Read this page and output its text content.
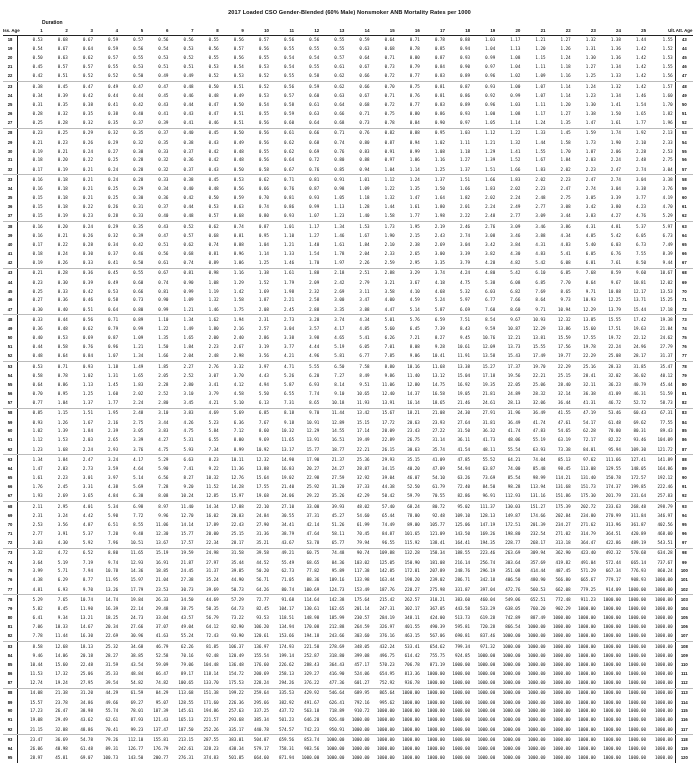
2017 Loaded CSO Gender-Blended (60% Male) Nonsmoker ANB Mortality Rates per 1000
Duration
Iss. Age	1	2	3	4	5	6	7	8	9	10	11	12	13	14	15	16	17	18	19	20	21	22	23	24	25	Ult.	Att. Age
18	0.53	0.68	0.67	0.59	0.57	0.56	0.56	0.55	0.56	0.57	0.56	0.56	0.55	0.59	0.64	0.71	0.78	0.88	1.03	1.17	1.21	1.27	1.32	1.38	1.44	1.55	43
19	0.54	0.67	0.64	0.59	0.56	0.54	0.53	0.56	0.57	0.56	0.55	0.55	0.55	0.63	0.68	0.78	0.85	0.94	1.04	1.13	1.20	1.26	1.31	1.36	1.42	1.52	44
20	0.50	0.63	0.62	0.57	0.55	0.53	0.52	0.55	0.56	0.55	0.54	0.54	0.57	0.64	0.71	0.80	0.87	0.93	0.99	1.08	1.15	1.24	1.30	1.36	1.42	1.53	45
21	0.45	0.57	0.57	0.55	0.53	0.51	0.51	0.53	0.54	0.53	0.54	0.55	0.61	0.67	0.73	0.79	0.84	0.90	0.97	1.04	1.11	1.18	1.27	1.34	1.42	1.55	46
22	0.42	0.51	0.52	0.52	0.50	0.49	0.49	0.52	0.53	0.52	0.55	0.58	0.62	0.66	0.72	0.77	0.83	0.89	0.96	1.02	1.09	1.16	1.25	1.33	1.42	1.56	47
23	0.38	0.45	0.47	0.49	0.47	0.47	0.48	0.50	0.51	0.52	0.56	0.59	0.62	0.66	0.70	0.75	0.81	0.87	0.93	1.00	1.07	1.14	1.24	1.32	1.42	1.57	48
24	0.34	0.39	0.42	0.44	0.44	0.45	0.46	0.48	0.49	0.53	0.57	0.60	0.63	0.67	0.71	0.76	0.81	0.86	0.92	0.99	1.07	1.14	1.23	1.34	1.46	1.60	49
25	0.31	0.35	0.38	0.41	0.42	0.43	0.44	0.47	0.50	0.54	0.58	0.61	0.64	0.68	0.72	0.77	0.83	0.89	0.96	1.03	1.11	1.20	1.30	1.41	1.54	1.70	50
26	0.28	0.32	0.35	0.38	0.40	0.41	0.43	0.47	0.51	0.55	0.59	0.63	0.66	0.71	0.75	0.80	0.86	0.93	1.00	1.08	1.17	1.27	1.38	1.50	1.65	1.82	51
27	0.25	0.28	0.32	0.35	0.37	0.39	0.41	0.46	0.51	0.56	0.60	0.64	0.68	0.73	0.78	0.84	0.90	0.97	1.05	1.14	1.24	1.35	1.47	1.61	1.77	1.96	52
28	0.23	0.25	0.29	0.32	0.35	0.37	0.40	0.45	0.50	0.56	0.61	0.66	0.71	0.76	0.82	0.88	0.95	1.03	1.12	1.22	1.33	1.45	1.59	1.74	1.92	2.13	53
29	0.21	0.23	0.26	0.29	0.32	0.35	0.38	0.43	0.49	0.56	0.62	0.68	0.74	0.80	0.87	0.94	1.02	1.11	1.21	1.32	1.44	1.58	1.73	1.90	2.10	2.33	54
30	0.19	0.21	0.24	0.27	0.30	0.33	0.37	0.42	0.48	0.55	0.62	0.69	0.76	0.83	0.91	0.99	1.08	1.18	1.29	1.41	1.55	1.70	1.87	2.06	2.28	2.53	55
31	0.18	0.20	0.22	0.25	0.28	0.32	0.36	0.42	0.48	0.56	0.64	0.72	0.80	0.88	0.97	1.06	1.16	1.27	1.39	1.52	1.67	1.84	2.03	2.24	2.48	2.75	56
32	0.17	0.19	0.21	0.24	0.28	0.32	0.37	0.43	0.50	0.58	0.67	0.76	0.85	0.94	1.04	1.14	1.25	1.37	1.51	1.66	1.83	2.02	2.23	2.47	2.74	3.04	57
33	0.16	0.18	0.21	0.24	0.28	0.33	0.38	0.45	0.53	0.62	0.71	0.81	0.91	1.01	1.12	1.24	1.37	1.51	1.66	1.83	2.02	2.23	2.47	2.74	3.04	3.38	58
34	0.16	0.18	0.21	0.25	0.29	0.34	0.40	0.48	0.56	0.66	0.76	0.87	0.98	1.09	1.22	1.35	1.50	1.66	1.83	2.02	2.23	2.47	2.74	3.04	3.38	3.76	59
35	0.15	0.18	0.21	0.25	0.30	0.36	0.42	0.50	0.59	0.70	0.81	0.93	1.05	1.18	1.32	1.47	1.64	1.82	2.02	2.24	2.48	2.75	3.05	3.39	3.77	4.19	60
36	0.15	0.18	0.22	0.26	0.31	0.37	0.44	0.53	0.63	0.74	0.86	0.99	1.13	1.28	1.44	1.61	1.80	2.01	2.24	2.49	2.77	3.08	3.42	3.80	4.23	4.70	61
37	0.15	0.19	0.23	0.28	0.33	0.40	0.48	0.57	0.68	0.80	0.93	1.07	1.23	1.40	1.58	1.77	1.98	2.22	2.48	2.77	3.09	3.44	3.83	4.27	4.76	5.29	62
38	0.16	0.20	0.24	0.29	0.35	0.43	0.52	0.62	0.74	0.87	1.01	1.17	1.34	1.53	1.73	1.95	2.19	2.46	2.76	3.09	3.46	3.86	4.31	4.81	5.37	5.97	63
39	0.16	0.21	0.26	0.32	0.39	0.47	0.57	0.68	0.81	0.95	1.10	1.27	1.46	1.67	1.90	2.15	2.43	2.74	3.08	3.46	3.88	4.34	4.85	5.42	6.05	6.73	64
40	0.17	0.22	0.28	0.34	0.42	0.51	0.62	0.74	0.88	1.04	1.21	1.40	1.61	1.84	2.10	2.38	2.69	3.04	3.42	3.84	4.31	4.83	5.40	6.03	6.73	7.49	65
41	0.18	0.24	0.30	0.37	0.46	0.56	0.68	0.81	0.96	1.14	1.33	1.54	1.78	2.04	2.33	2.65	3.00	3.39	3.82	4.30	4.83	5.41	6.05	6.76	7.55	8.39	66
42	0.19	0.26	0.33	0.41	0.50	0.61	0.74	0.89	1.06	1.25	1.46	1.70	1.97	2.26	2.59	2.95	3.35	3.79	4.28	4.82	5.42	6.08	6.81	7.61	8.50	9.44	67
43	0.21	0.28	0.36	0.45	0.55	0.67	0.81	0.98	1.16	1.38	1.61	1.88	2.18	2.51	2.88	3.29	3.74	4.24	4.80	5.42	6.10	6.85	7.68	8.59	9.60	10.67	68
44	0.23	0.30	0.39	0.49	0.60	0.74	0.90	1.08	1.29	1.52	1.79	2.09	2.42	2.79	3.21	3.67	4.18	4.75	5.38	6.08	6.85	7.70	8.64	9.67	10.81	12.02	69
45	0.25	0.33	0.42	0.53	0.66	0.81	0.99	1.19	1.42	1.69	1.98	2.32	2.69	3.11	3.58	4.10	4.68	5.32	6.03	6.82	7.69	8.65	9.71	10.88	12.17	13.53	70
46	0.27	0.36	0.46	0.58	0.73	0.90	1.09	1.32	1.58	1.87	2.21	2.58	3.00	3.47	4.00	4.59	5.24	5.97	6.77	7.66	8.64	9.73	10.93	12.25	13.71	15.25	71
47	0.30	0.40	0.51	0.64	0.80	0.99	1.21	1.46	1.75	2.08	2.45	2.88	3.35	3.88	4.47	5.14	5.87	6.69	7.60	8.60	9.71	10.94	12.29	13.79	15.44	17.18	72
48	0.33	0.44	0.56	0.71	0.89	1.10	1.34	1.62	1.94	2.31	2.73	3.20	3.74	4.34	5.01	5.76	6.59	7.51	8.54	9.67	10.93	12.32	13.85	15.55	17.42	19.38	73
49	0.36	0.48	0.62	0.79	0.99	1.22	1.49	1.80	2.16	2.57	3.04	3.57	4.17	4.85	5.60	6.45	7.39	8.43	9.59	10.87	12.29	13.86	15.60	17.51	19.63	21.84	74
50	0.40	0.53	0.69	0.87	1.09	1.35	1.65	2.00	2.40	2.86	3.38	3.98	4.65	5.41	6.26	7.21	8.27	9.45	10.76	12.21	13.81	15.59	17.55	19.72	22.12	24.62	75
51	0.44	0.58	0.76	0.96	1.21	1.50	1.84	2.23	2.67	3.19	3.77	4.44	5.19	6.05	7.01	8.08	9.28	10.61	12.09	13.73	15.55	17.56	19.78	22.24	24.96	27.79	76
52	0.48	0.64	0.84	1.07	1.34	1.66	2.04	2.48	2.98	3.56	4.21	4.96	5.81	6.77	7.85	9.06	10.41	11.91	13.58	15.43	17.49	19.77	22.29	25.08	28.17	31.37	77
53	0.53	0.71	0.93	1.18	1.49	1.85	2.27	2.76	3.32	3.97	4.71	5.55	6.50	7.58	8.80	10.16	11.68	13.38	15.27	17.37	19.70	22.29	25.16	28.33	31.85	35.47	78
54	0.58	0.78	1.02	1.31	1.65	2.05	2.52	3.07	3.70	4.43	5.26	6.20	7.27	8.49	9.86	11.40	13.12	15.04	17.18	19.56	22.21	25.15	28.41	32.02	36.02	40.12	79
55	0.64	0.86	1.13	1.45	1.83	2.28	2.80	3.41	4.12	4.94	5.87	6.93	8.14	9.51	11.06	12.80	14.75	16.92	19.35	22.05	25.06	28.40	32.11	36.23	40.79	45.44	80
56	0.70	0.95	1.25	1.60	2.02	2.52	3.10	3.79	4.58	5.50	6.55	7.74	9.10	10.65	12.40	14.37	16.58	19.05	21.81	24.89	28.32	32.14	36.38	41.09	46.31	51.59	81
57	0.77	1.04	1.37	1.77	2.24	2.80	3.45	4.21	5.10	6.13	7.31	8.65	10.18	11.93	13.91	16.14	18.65	21.46	24.61	28.13	32.06	36.44	41.31	46.72	52.72	58.73	82
58	0.85	1.15	1.51	1.95	2.48	3.10	3.83	4.69	5.69	6.85	8.18	9.70	11.44	13.42	15.67	18.21	21.08	24.30	27.91	31.96	36.49	41.55	47.19	53.46	60.43	67.31	83
59	0.93	1.26	1.67	2.16	2.75	3.44	4.26	5.23	6.36	7.67	9.18	10.91	12.89	15.15	17.72	20.63	23.93	27.64	31.81	36.49	41.74	47.61	54.17	61.48	69.62	77.55	84
60	1.02	1.39	1.84	2.39	3.05	3.83	4.75	5.84	7.12	8.60	10.32	12.29	14.55	17.14	20.09	23.43	27.22	31.50	36.32	41.74	47.83	54.65	62.28	70.80	80.31	89.43	85
61	1.12	1.53	2.03	2.65	3.39	4.27	5.31	6.55	8.00	9.69	11.65	13.91	16.51	19.49	22.89	26.75	31.14	36.11	41.73	48.06	55.19	63.19	72.17	82.22	93.46	104.09	86
62	1.23	1.68	2.24	2.93	3.76	4.75	5.93	7.34	8.99	10.92	13.17	15.77	18.77	22.21	26.15	30.63	35.74	41.54	48.11	55.54	63.93	73.38	84.01	95.94	109.30	121.72	87
63	1.34	1.84	2.47	3.24	4.17	5.29	6.63	8.23	10.11	12.32	14.90	17.90	21.37	25.36	29.93	35.15	41.09	47.85	55.52	64.21	74.04	85.13	97.62	111.66	127.41	141.89	88
64	1.47	2.03	2.73	3.59	4.64	5.90	7.41	9.22	11.36	13.88	16.83	20.27	24.27	28.87	34.15	40.20	47.09	54.94	63.87	74.00	85.48	98.45	113.08	129.55	148.05	164.86	89
65	1.61	2.23	3.01	3.97	5.14	6.56	8.27	10.32	12.76	15.64	19.02	22.98	27.59	32.92	39.04	46.07	54.10	63.26	73.69	85.54	98.99	114.21	131.40	150.78	172.57	192.12	90
66	1.76	2.45	3.31	4.38	5.69	7.28	9.20	11.52	14.28	17.55	21.40	25.92	31.20	37.33	44.38	52.50	61.79	72.40	84.50	98.28	113.94	131.68	151.73	174.37	199.85	222.46	91
67	1.93	2.69	3.65	4.84	6.30	8.08	10.24	12.85	15.97	19.68	24.06	29.22	35.26	42.29	50.42	59.79	70.55	82.86	96.91	112.93	131.16	151.86	175.30	201.79	231.64	257.83	92
68	2.11	2.95	4.01	5.34	6.98	8.97	11.40	14.34	17.88	22.10	27.10	33.00	39.93	48.02	57.40	68.24	80.72	95.02	111.37	130.03	151.27	175.39	202.72	233.63	268.48	298.79	93
69	2.31	3.24	4.42	5.90	7.72	9.96	12.70	16.02	20.03	24.84	30.55	37.31	45.27	54.60	65.44	78.00	92.48	109.10	128.13	149.87	174.66	202.84	234.80	270.99	311.84	346.97	94
70	2.53	3.56	4.87	6.51	8.55	11.06	14.14	17.89	22.43	27.90	34.41	42.14	51.26	61.99	74.49	89.00	105.77	125.06	147.19	172.51	201.39	234.27	271.62	313.96	361.87	402.56	95
71	2.77	3.91	5.37	7.20	9.48	12.30	15.77	20.00	25.15	31.36	38.79	47.64	58.11	70.45	84.87	101.65	121.09	143.50	169.26	198.80	232.54	271.02	314.79	364.51	420.89	468.00	96
72	3.03	4.30	5.92	7.96	10.51	13.67	17.57	22.34	28.17	35.21	43.67	53.78	65.77	79.94	96.55	115.92	138.41	164.41	194.35	228.77	268.17	313.18	364.47	422.86	489.19	543.51	97
73	3.32	4.72	6.52	8.80	11.65	15.19	19.59	24.98	31.58	39.58	49.21	60.75	74.48	90.74	109.88	132.28	158.34	188.55	223.46	263.69	309.94	362.90	423.40	492.32	570.68	634.28	98
74	3.64	5.19	7.19	9.74	12.93	16.91	21.87	27.97	35.44	44.52	55.49	68.65	84.36	103.02	125.05	150.90	181.08	216.14	256.74	303.64	357.69	419.82	491.04	572.44	665.14	737.67	99
75	3.99	5.71	7.94	10.78	14.36	18.85	24.45	31.37	39.85	50.20	62.73	77.82	95.89	117.38	142.85	172.81	207.89	248.76	296.19	351.08	414.44	487.45	571.29	667.34	776.93	860.24	100
76	4.38	6.29	8.77	11.95	15.97	21.04	27.38	35.24	44.90	56.71	71.05	88.36	109.16	133.98	163.44	198.20	239.02	286.71	342.18	406.50	480.90	566.80	665.67	779.17	908.93	1000.00	101
77	4.81	6.93	9.70	13.26	17.79	23.53	30.73	39.69	50.73	64.26	80.74	100.69	124.73	153.49	187.76	228.27	275.98	331.87	397.04	472.76	560.53	662.08	779.25	914.09	1000.00	1000.00	102
78	5.29	7.65	10.74	14.74	19.84	26.33	34.50	44.69	57.29	72.77	91.68	114.64	142.38	175.64	215.42	262.57	318.21	383.60	460.04	549.06	652.51	772.48	911.23	1000.00	1000.00	1000.00	103
79	5.82	8.45	11.90	16.39	22.14	29.48	38.75	50.35	64.73	82.45	104.17	130.61	162.65	201.14	247.31	302.17	367.05	443.58	533.29	638.05	760.20	902.29	1000.00	1000.00	1000.00	1000.00	104
80	6.41	9.34	13.21	18.25	24.73	33.04	43.57	56.79	73.22	93.53	118.51	148.98	185.99	230.57	284.19	348.11	424.00	513.73	619.28	742.89	887.49	1000.00	1000.00	1000.00	1000.00	1000.00	105
81	7.06	10.33	14.67	20.34	27.66	37.07	49.04	64.12	82.90	106.20	134.94	170.08	212.88	264.59	326.97	401.55	490.39	595.81	720.28	866.54	1000.00	1000.00	1000.00	1000.00	1000.00	1000.00	106
82	7.78	11.44	16.30	22.69	30.96	41.63	55.24	72.43	93.90	120.61	153.66	194.18	243.66	303.60	376.16	463.15	567.06	690.81	837.46	1000.00	1000.00	1000.00	1000.00	1000.00	1000.00	1000.00	107
83	8.58	12.68	18.13	25.32	34.68	46.79	62.26	81.85	106.37	136.97	174.93	221.58	278.69	348.05	432.24	533.41	654.62	799.34	971.32	1000.00	1000.00	1000.00	1000.00	1000.00	1000.00	1000.00	108
84	9.46	14.06	20.18	28.27	38.85	52.58	70.16	92.48	120.49	155.54	199.14	252.87	318.80	399.08	496.75	614.42	755.75	924.85	1000.00	1000.00	1000.00	1000.00	1000.00	1000.00	1000.00	1000.00	109
85	10.44	15.60	22.48	31.59	43.54	59.09	79.06	104.48	136.48	176.60	226.62	288.43	364.43	457.17	570.23	706.78	871.19	1000.00	1000.00	1000.00	1000.00	1000.00	1000.00	1000.00	1000.00	1000.00	110
86	11.53	17.32	25.06	35.33	48.84	66.47	89.17	118.14	154.72	200.69	258.13	329.27	416.90	524.06	654.95	813.36	1000.00	1000.00	1000.00	1000.00	1000.00	1000.00	1000.00	1000.00	1000.00	1000.00	111
87	12.74	19.24	27.95	39.54	54.82	74.82	100.65	133.70	175.53	228.24	294.26	376.22	477.36	601.27	752.92	936.78	1000.00	1000.00	1000.00	1000.00	1000.00	1000.00	1000.00	1000.00	1000.00	1000.00	112
88	14.08	21.38	31.20	44.29	61.59	84.29	113.68	151.38	199.22	259.64	335.53	429.92	546.64	689.95	865.64	1000.00	1000.00	1000.00	1000.00	1000.00	1000.00	1000.00	1000.00	1000.00	1000.00	1000.00	113
89	15.57	23.78	34.86	49.66	69.27	95.07	128.55	171.60	226.36	295.66	382.92	491.67	626.41	792.16	995.62	1000.00	1000.00	1000.00	1000.00	1000.00	1000.00	1000.00	1000.00	1000.00	1000.00	1000.00	114
90	17.23	26.47	38.98	55.74	78.01	107.39	145.61	194.86	257.63	337.25	437.72	563.18	718.89	910.72	1000.00	1000.00	1000.00	1000.00	1000.00	1000.00	1000.00	1000.00	1000.00	1000.00	1000.00	1000.00	115
91	19.08	29.49	43.62	62.61	87.93	121.43	165.13	221.57	293.68	385.34	501.23	646.20	826.40	1000.00	1000.00	1000.00	1000.00	1000.00	1000.00	1000.00	1000.00	1000.00	1000.00	1000.00	1000.00	1000.00	116
92	21.15	32.88	48.86	70.41	99.23	137.47	187.50	252.26	335.17	440.78	574.57	742.23	950.91	1000.00	1000.00	1000.00	1000.00	1000.00	1000.00	1000.00	1000.00	1000.00	1000.00	1000.00	1000.00	1000.00	117
93	23.47	36.69	54.78	79.26	112.10	155.81	213.15	287.55	383.01	504.87	659.56	853.74	1000.00	1000.00	1000.00	1000.00	1000.00	1000.00	1000.00	1000.00	1000.00	1000.00	1000.00	1000.00	1000.00	1000.00	118
94	26.06	40.98	61.48	89.31	126.77	176.79	242.61	328.23	438.34	579.17	758.31	983.56	1000.00	1000.00	1000.00	1000.00	1000.00	1000.00	1000.00	1000.00	1000.00	1000.00	1000.00	1000.00	1000.00	1000.00	119
95	28.97	45.81	69.07	100.73	143.50	200.77	276.31	374.83	501.85	664.60	871.94	1000.00	1000.00	1000.00	1000.00	1000.00	1000.00	1000.00	1000.00	1000.00	1000.00	1000.00	1000.00	1000.00	1000.00	1000.00	120
